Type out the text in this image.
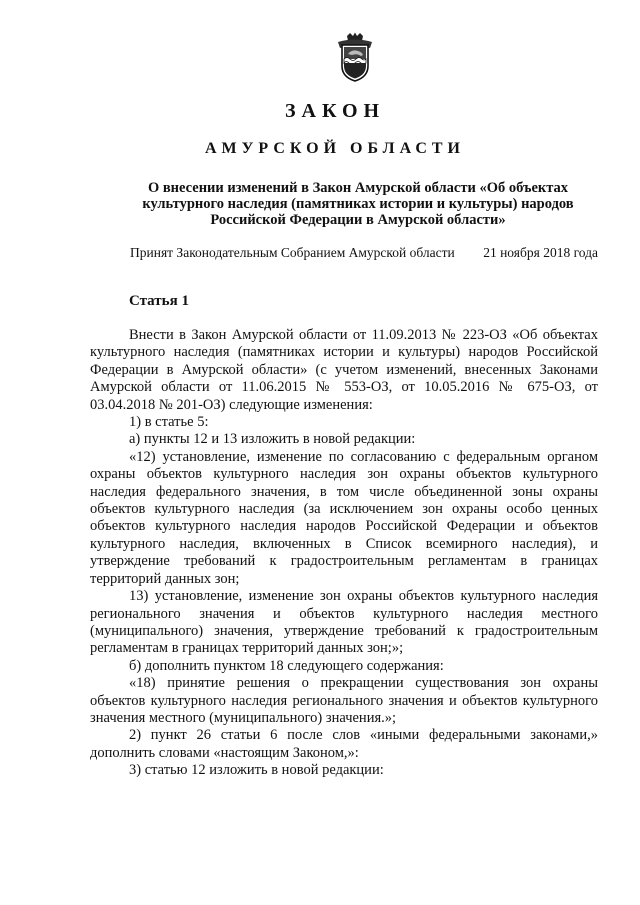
ЗАКОН
АМУРСКОЙ ОБЛАСТИ
О внесении изменений в Закон Амурской области «Об объектах культурного наследия (памятниках истории и культуры) народов Российской Федерации в Амурской области»
Принят Законодательным Собранием Амурской области 21 ноября 2018 года
Статья 1

Внести в Закон Амурской области от 11.09.2013 № 223-ОЗ «Об объектах культурного наследия (памятниках истории и культуры) народов Российской Федерации в Амурской области» (с учетом изменений, внесенных Законами Амурской области от 11.06.2015 № 553-ОЗ, от 10.05.2016 № 675-ОЗ, от 03.04.2018 № 201-ОЗ) следующие изменения:

1) в статье 5:

а) пункты 12 и 13 изложить в новой редакции:

«12) установление, изменение по согласованию с федеральным органом охраны объектов культурного наследия зон охраны объектов культурного наследия федерального значения, в том числе объединенной зоны охраны объектов культурного наследия (за исключением зон охраны особо ценных объектов культурного наследия народов Российской Федерации и объектов культурного наследия, включенных в Список всемирного наследия), и утверждение требований к градостроительным регламентам в границах территорий данных зон;

13) установление, изменение зон охраны объектов культурного наследия регионального значения и объектов культурного наследия местного (муниципального) значения, утверждение требований к градостроительным регламентам в границах территорий данных зон;»;

б) дополнить пунктом 18 следующего содержания:

«18) принятие решения о прекращении существования зон охраны объектов культурного наследия регионального значения и объектов культурного значения местного (муниципального) значения.»;

2) пункт 26 статьи 6 после слов «иными федеральными законами,» дополнить словами «настоящим Законом,»:

3) статью 12 изложить в новой редакции:
